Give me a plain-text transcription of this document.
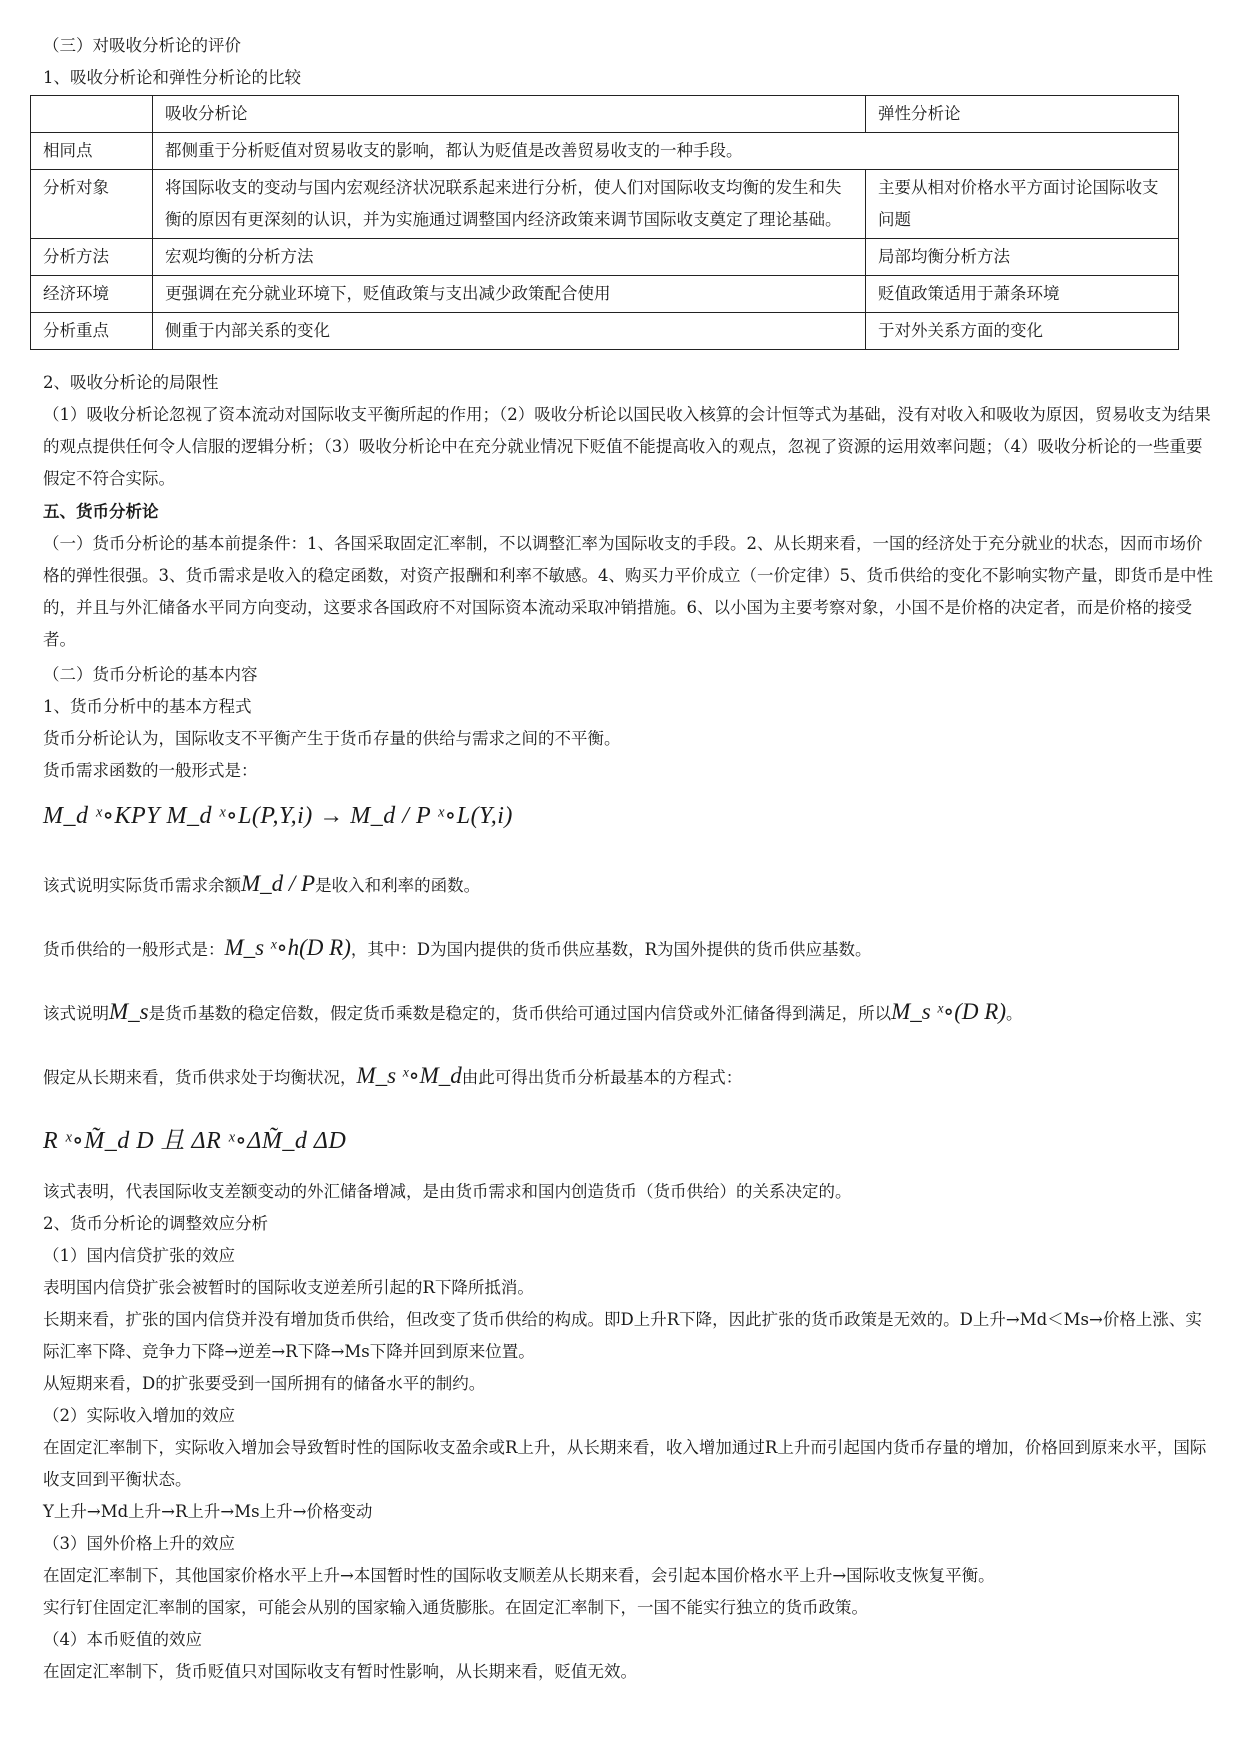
（三）对吸收分析论的评价

1、吸收分析论和弹性分析论的比较

	吸收分析论	弹性分析论
相同点	都侧重于分析贬值对贸易收支的影响，都认为贬值是改善贸易收支的一种手段。	
分析对象	将国际收支的变动与国内宏观经济状况联系起来进行分析，使人们对国际收支均衡的发生和失衡的原因有更深刻的认识，并为实施通过调整国内经济政策来调节国际收支奠定了理论基础。	主要从相对价格水平方面讨论国际收支问题
分析方法	宏观均衡的分析方法	局部均衡分析方法
经济环境	更强调在充分就业环境下，贬值政策与支出减少政策配合使用	贬值政策适用于萧条环境
分析重点	侧重于内部关系的变化	于对外关系方面的变化

2、吸收分析论的局限性

（1）吸收分析论忽视了资本流动对国际收支平衡所起的作用；（2）吸收分析论以国民收入核算的会计恒等式为基础，没有对收入和吸收为原因，贸易收支为结果的观点提供任何令人信服的逻辑分析；（3）吸收分析论中在充分就业情况下贬值不能提高收入的观点，忽视了资源的运用效率问题；（4）吸收分析论的一些重要假定不符合实际。

五、货币分析论

（一）货币分析论的基本前提条件：1、各国采取固定汇率制，不以调整汇率为国际收支的手段。2、从长期来看，一国的经济处于充分就业的状态，因而市场价格的弹性很强。3、货币需求是收入的稳定函数，对资产报酬和利率不敏感。4、购买力平价成立（一价定律）5、货币供给的变化不影响实物产量，即货币是中性的，并且与外汇储备水平同方向变动，这要求各国政府不对国际资本流动采取冲销措施。6、以小国为主要考察对象，小国不是价格的决定者，而是价格的接受者。

（二）货币分析论的基本内容

1、货币分析中的基本方程式

货币分析论认为，国际收支不平衡产生于货币存量的供给与需求之间的不平衡。

货币需求函数的一般形式是：

M_d ˣ∘KPY M_d ˣ∘L(P,Y,i) → M_d / P ˣ∘L(Y,i)

该式说明实际货币需求余额M_d / P是收入和利率的函数。

货币供给的一般形式是：M_s ˣ∘h(D R)，其中：D为国内提供的货币供应基数，R为国外提供的货币供应基数。

该式说明M_s是货币基数的稳定倍数，假定货币乘数是稳定的，货币供给可通过国内信贷或外汇储备得到满足，所以M_s ˣ∘(D R)。

假定从长期来看，货币供求处于均衡状况，M_s ˣ∘M_d由此可得出货币分析最基本的方程式：

R ˣ∘M̃_d D 且 ΔR ˣ∘ΔM̃_d ΔD

该式表明，代表国际收支差额变动的外汇储备增减，是由货币需求和国内创造货币（货币供给）的关系决定的。

2、货币分析论的调整效应分析

（1）国内信贷扩张的效应

表明国内信贷扩张会被暂时的国际收支逆差所引起的R下降所抵消。

长期来看，扩张的国内信贷并没有增加货币供给，但改变了货币供给的构成。即D上升R下降，因此扩张的货币政策是无效的。D上升→Md＜Ms→价格上涨、实际汇率下降、竞争力下降→逆差→R下降→Ms下降并回到原来位置。

从短期来看，D的扩张要受到一国所拥有的储备水平的制约。

（2）实际收入增加的效应

在固定汇率制下，实际收入增加会导致暂时性的国际收支盈余或R上升，从长期来看，收入增加通过R上升而引起国内货币存量的增加，价格回到原来水平，国际收支回到平衡状态。

Y上升→Md上升→R上升→Ms上升→价格变动

（3）国外价格上升的效应

在固定汇率制下，其他国家价格水平上升→本国暂时性的国际收支顺差从长期来看，会引起本国价格水平上升→国际收支恢复平衡。

实行钉住固定汇率制的国家，可能会从别的国家输入通货膨胀。在固定汇率制下，一国不能实行独立的货币政策。

（4）本币贬值的效应

在固定汇率制下，货币贬值只对国际收支有暂时性影响，从长期来看，贬值无效。
